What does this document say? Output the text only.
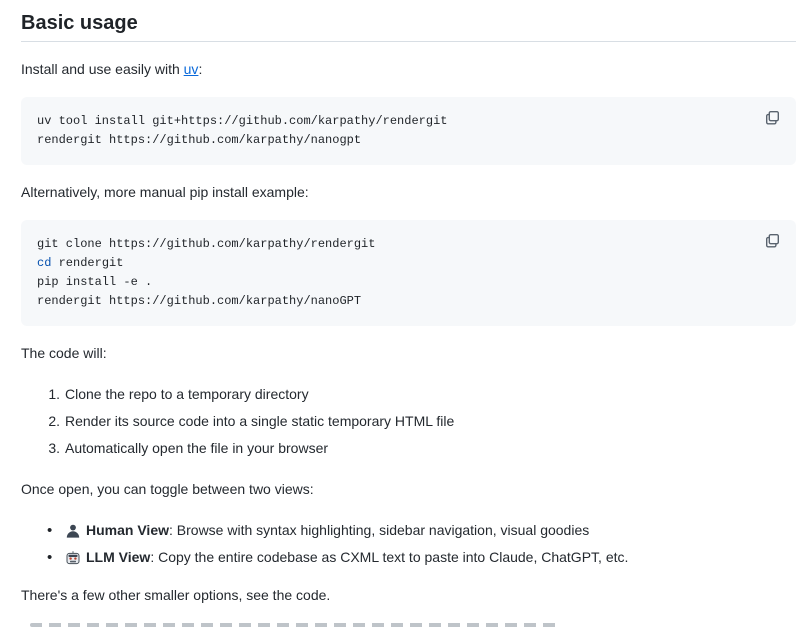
Basic usage

Install and use easily with uv:

uv tool install git+https://github.com/karpathy/rendergit
rendergit https://github.com/karpathy/nanogpt

Alternatively, more manual pip install example:

git clone https://github.com/karpathy/rendergit
cd rendergit
pip install -e .
rendergit https://github.com/karpathy/nanoGPT

The code will:

1. Clone the repo to a temporary directory
2. Render its source code into a single static temporary HTML file
3. Automatically open the file in your browser

Once open, you can toggle between two views:

•	Human View: Browse with syntax highlighting, sidebar navigation, visual goodies
•	LLM View: Copy the entire codebase as CXML text to paste into Claude, ChatGPT, etc.

There's a few other smaller options, see the code.
